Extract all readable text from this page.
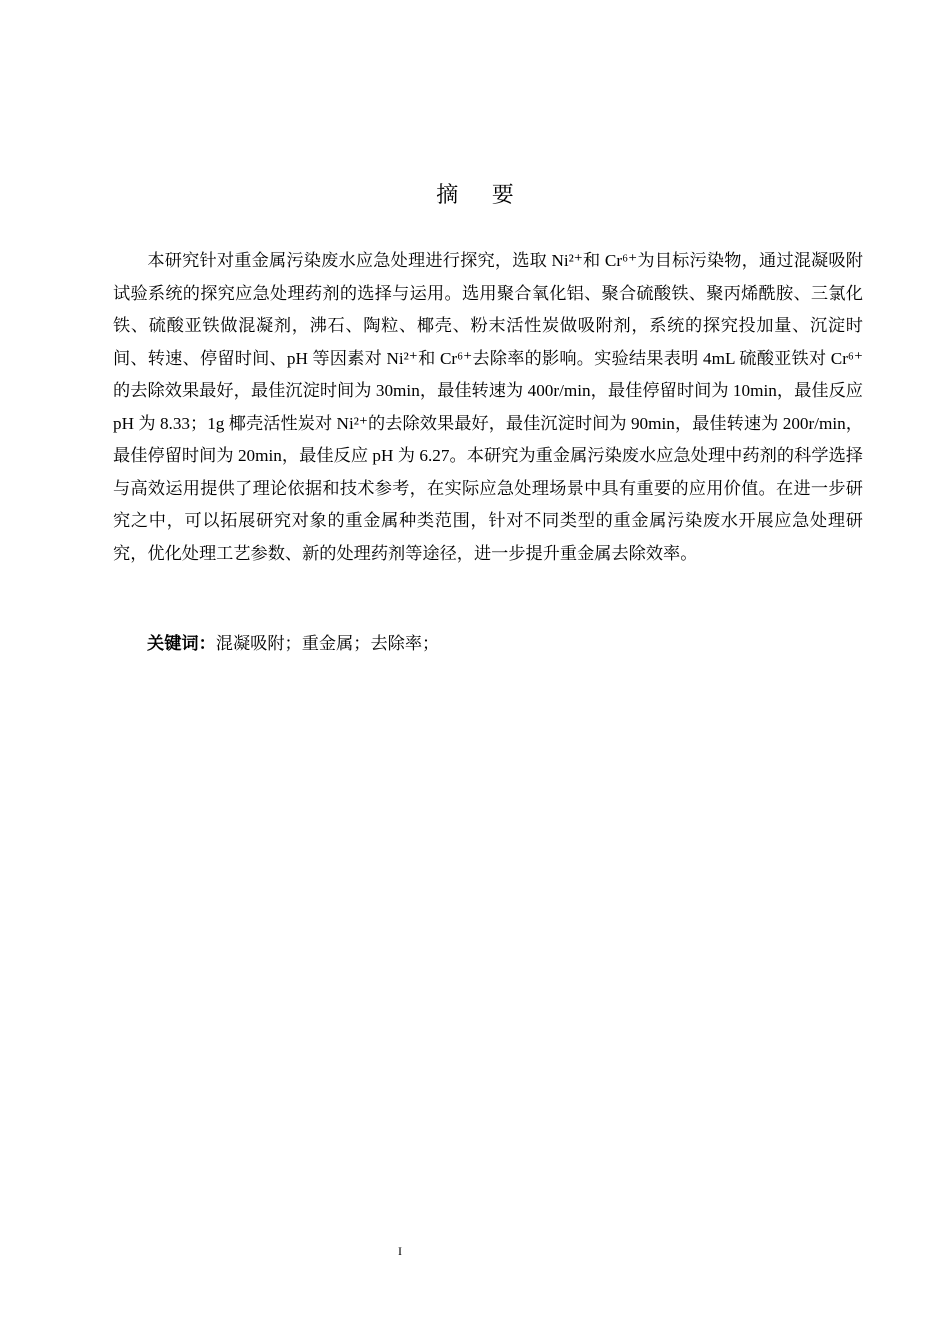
摘 要

本研究针对重金属污染废水应急处理进行探究，选取 Ni²⁺和 Cr⁶⁺为目标污染物，通过混凝吸附试验系统的探究应急处理药剂的选择与运用。选用聚合氧化铝、聚合硫酸铁、聚丙烯酰胺、三氯化铁、硫酸亚铁做混凝剂，沸石、陶粒、椰壳、粉末活性炭做吸附剂，系统的探究投加量、沉淀时间、转速、停留时间、pH 等因素对 Ni²⁺和 Cr⁶⁺去除率的影响。实验结果表明 4mL 硫酸亚铁对 Cr⁶⁺的去除效果最好，最佳沉淀时间为 30min，最佳转速为 400r/min，最佳停留时间为 10min，最佳反应 pH 为 8.33；1g 椰壳活性炭对 Ni²⁺的去除效果最好，最佳沉淀时间为 90min，最佳转速为 200r/min，最佳停留时间为 20min，最佳反应 pH 为 6.27。本研究为重金属污染废水应急处理中药剂的科学选择与高效运用提供了理论依据和技术参考，在实际应急处理场景中具有重要的应用价值。在进一步研究之中，可以拓展研究对象的重金属种类范围，针对不同类型的重金属污染废水开展应急处理研究，优化处理工艺参数、新的处理药剂等途径，进一步提升重金属去除效率。

关键词：混凝吸附；重金属；去除率；
I
